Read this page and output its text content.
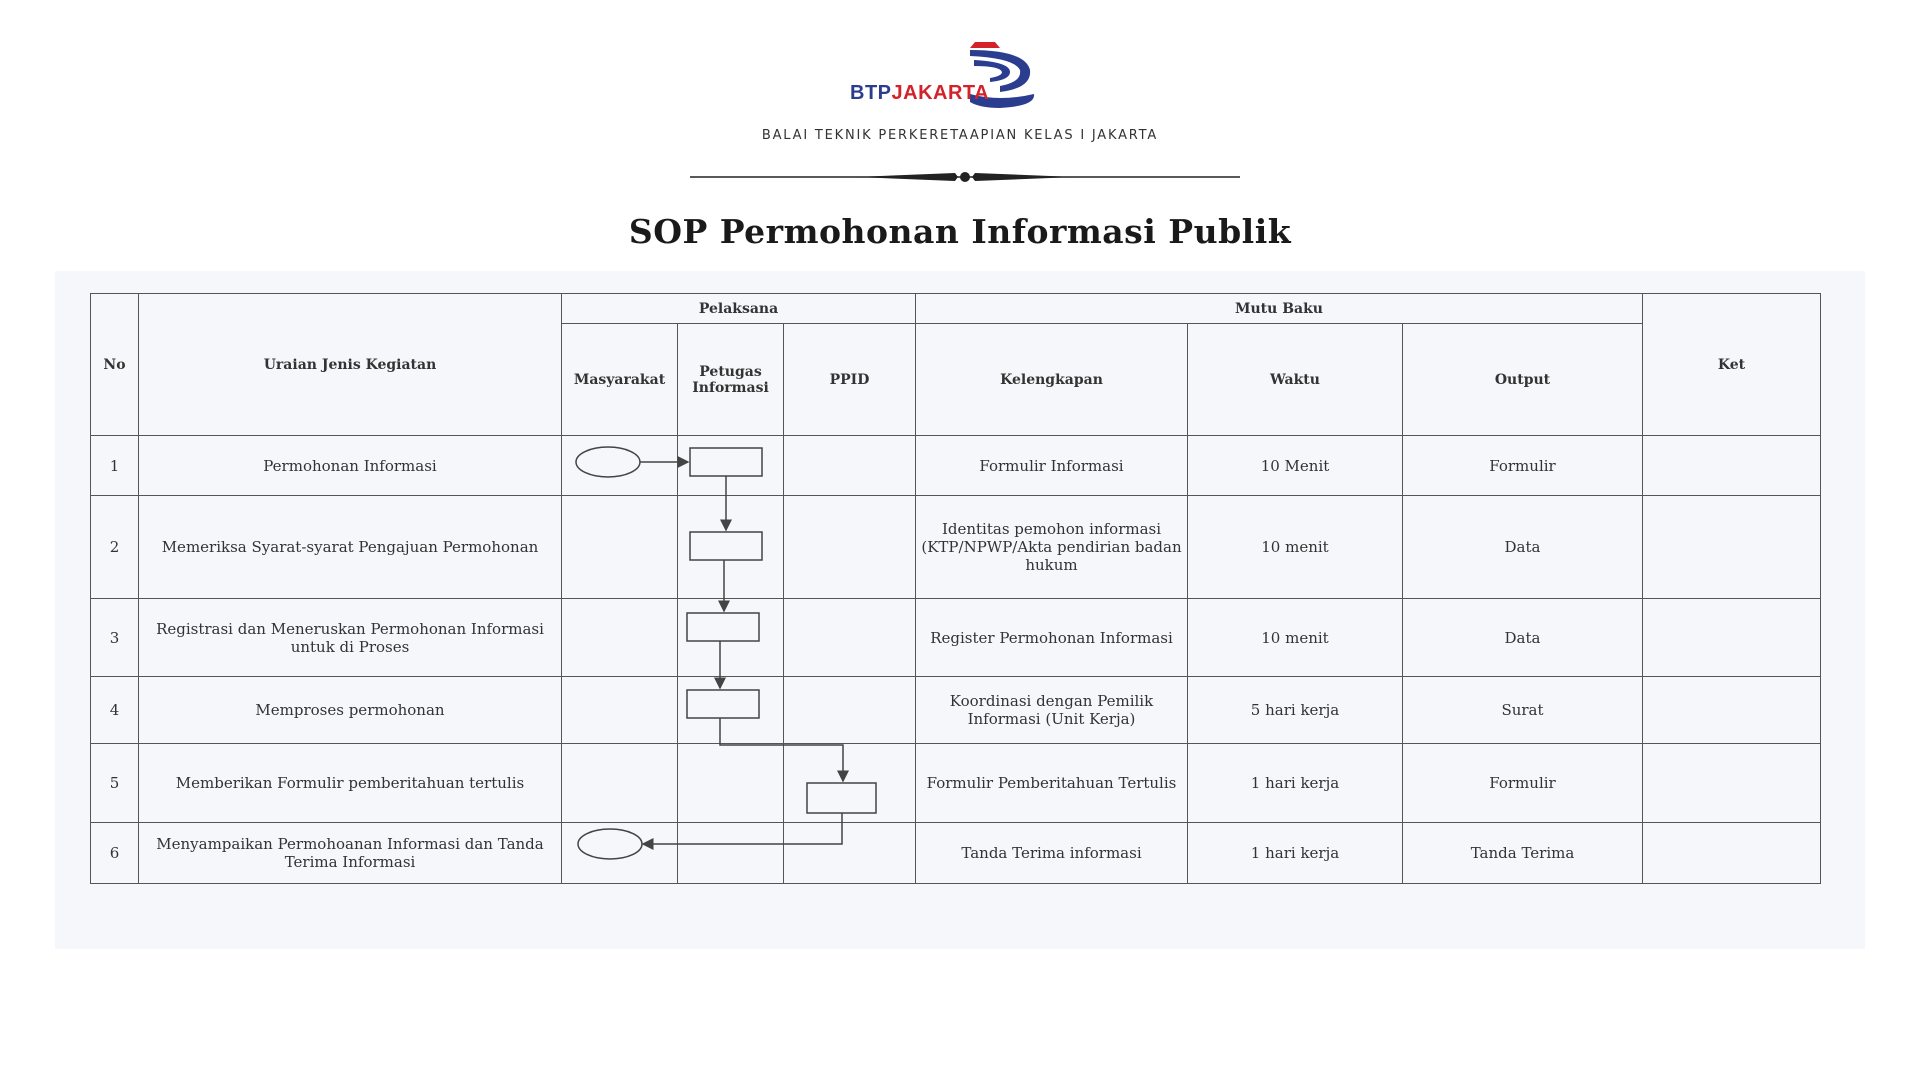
BTPJAKARTA
BALAI TEKNIK PERKERETAAPIAN KELAS I JAKARTA
SOP Permohonan Informasi Publik
No	Uraian Jenis Kegiatan	Pelaksana			Mutu Baku			Ket
		Masyarakat	Petugas Informasi	PPID	Kelengkapan	Waktu	Output	
1	Permohonan Informasi				Formulir Informasi	10 Menit	Formulir	
2	Memeriksa Syarat-syarat Pengajuan Permohonan				Identitas pemohon informasi (KTP/NPWP/Akta pendirian badan hukum	10 menit	Data	
3	Registrasi dan Meneruskan Permohonan Informasi untuk di Proses				Register Permohonan Informasi	10 menit	Data	
4	Memproses permohonan				Koordinasi dengan Pemilik Informasi (Unit Kerja)	5 hari kerja	Surat	
5	Memberikan Formulir pemberitahuan tertulis				Formulir Pemberitahuan Tertulis	1 hari kerja	Formulir	
6	Menyampaikan Permohoanan Informasi dan Tanda Terima Informasi				Tanda Terima informasi	1 hari kerja	Tanda Terima	
